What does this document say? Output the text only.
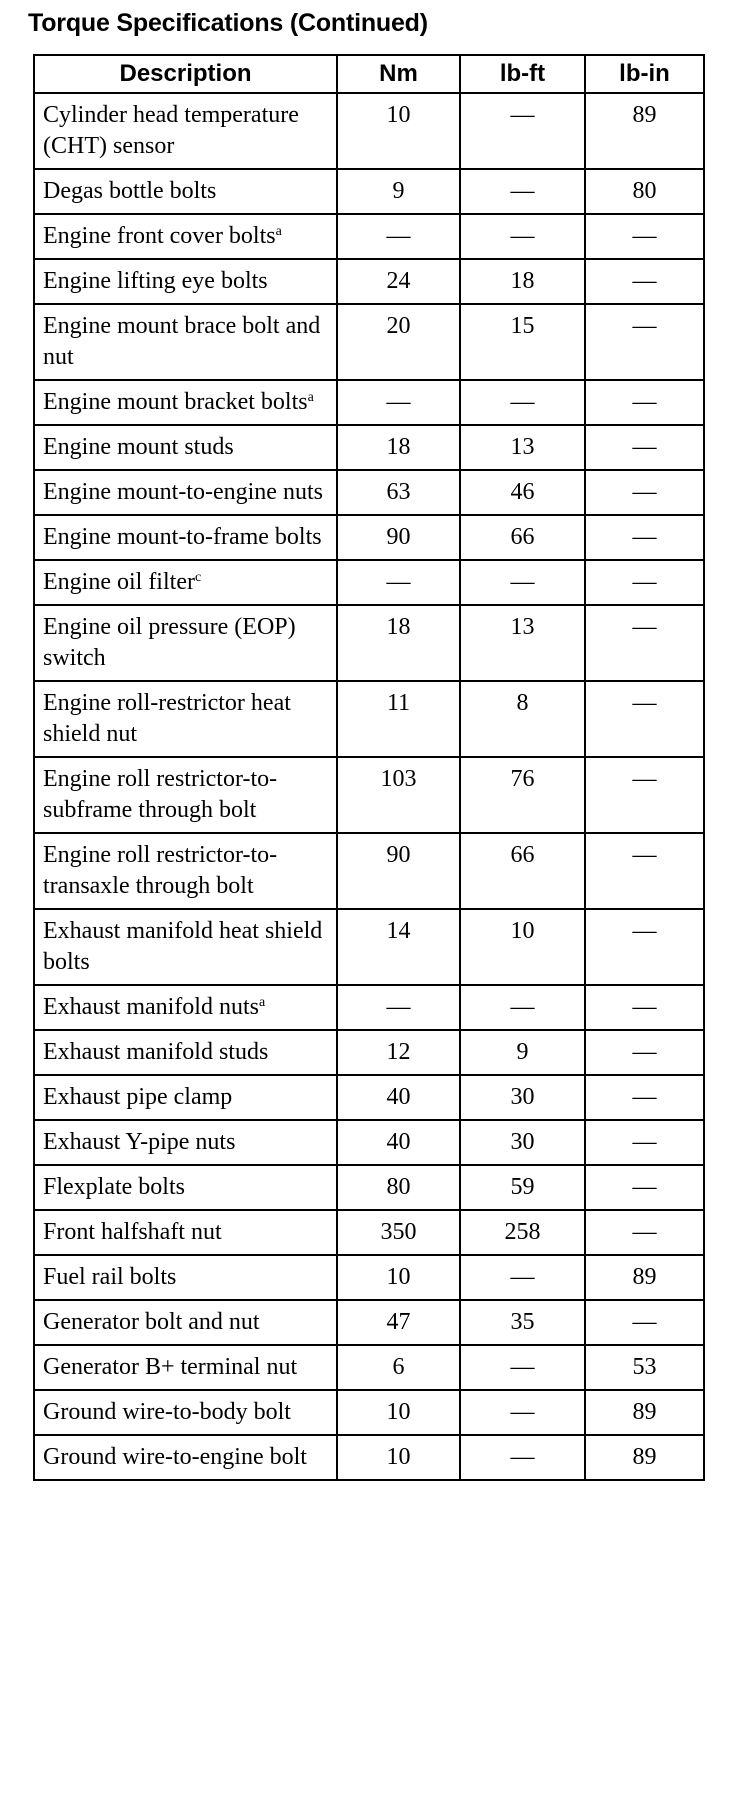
Torque Specifications (Continued)
Description	Nm	lb-ft	lb-in
Cylinder head temperature (CHT) sensor	10	—	89
Degas bottle bolts	9	—	80
Engine front cover bolts$^a$	—	—	—
Engine lifting eye bolts	24	18	—
Engine mount brace bolt and nut	20	15	—
Engine mount bracket bolts$^a$	—	—	—
Engine mount studs	18	13	—
Engine mount-to-engine nuts	63	46	—
Engine mount-to-frame bolts	90	66	—
Engine oil filter$^c$	—	—	—
Engine oil pressure (EOP) switch	18	13	—
Engine roll-restrictor heat shield nut	11	8	—
Engine roll restrictor-to-subframe through bolt	103	76	—
Engine roll restrictor-to-transaxle through bolt	90	66	—
Exhaust manifold heat shield bolts	14	10	—
Exhaust manifold nuts$^a$	—	—	—
Exhaust manifold studs	12	9	—
Exhaust pipe clamp	40	30	—
Exhaust Y-pipe nuts	40	30	—
Flexplate bolts	80	59	—
Front halfshaft nut	350	258	—
Fuel rail bolts	10	—	89
Generator bolt and nut	47	35	—
Generator B+ terminal nut	6	—	53
Ground wire-to-body bolt	10	—	89
Ground wire-to-engine bolt	10	—	89
